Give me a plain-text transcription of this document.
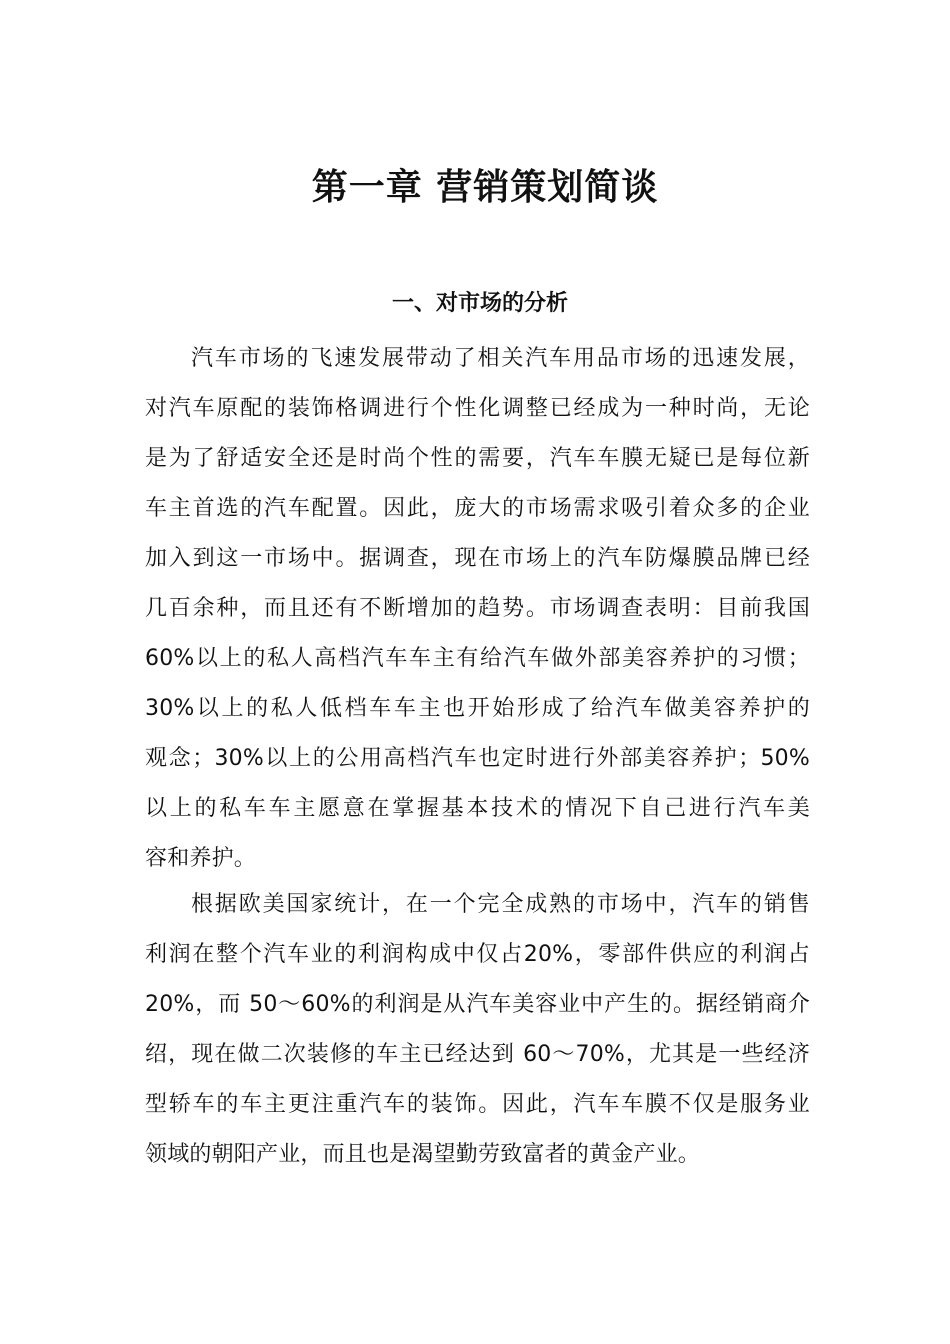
第一章 营销策划简谈
一、对市场的分析
汽车市场的飞速发展带动了相关汽车用品市场的迅速发展，
对汽车原配的装饰格调进行个性化调整已经成为一种时尚，无论
是为了舒适安全还是时尚个性的需要，汽车车膜无疑已是每位新
车主首选的汽车配置。因此，庞大的市场需求吸引着众多的企业
加入到这一市场中。据调查，现在市场上的汽车防爆膜品牌已经
几百余种，而且还有不断增加的趋势。市场调查表明：目前我国
60%以上的私人高档汽车车主有给汽车做外部美容养护的习惯；
30%以上的私人低档车车主也开始形成了给汽车做美容养护的
观念；30%以上的公用高档汽车也定时进行外部美容养护；50%
以上的私车车主愿意在掌握基本技术的情况下自己进行汽车美
容和养护。
根据欧美国家统计，在一个完全成熟的市场中，汽车的销售
利润在整个汽车业的利润构成中仅占20%，零部件供应的利润占
20%，而 50～60%的利润是从汽车美容业中产生的。据经销商介
绍，现在做二次装修的车主已经达到 60～70%，尤其是一些经济
型轿车的车主更注重汽车的装饰。因此，汽车车膜不仅是服务业
领域的朝阳产业，而且也是渴望勤劳致富者的黄金产业。
